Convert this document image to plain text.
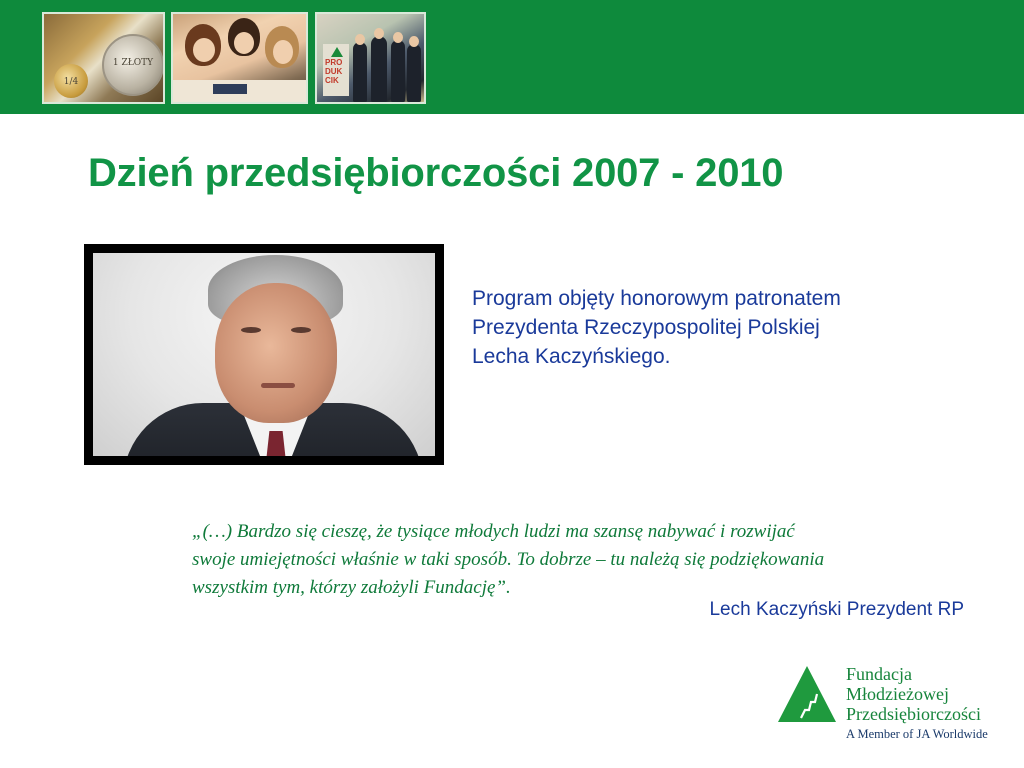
1/4
1 ZŁOTY	PRO
DUK
CIK
Dzień przedsiębiorczości 2007 - 2010
Program objęty honorowym patronatem
Prezydenta Rzeczypospolitej Polskiej
Lecha Kaczyńskiego.
„(…) Bardzo się cieszę, że tysiące młodych ludzi ma szansę nabywać i rozwijać
swoje umiejętności właśnie w taki sposób. To dobrze – tu należą się podziękowania
wszystkim tym, którzy założyli Fundację”.
Lech Kaczyński Prezydent RP
Fundacja
Młodzieżowej
Przedsiębiorczości
A Member of JA Worldwide
